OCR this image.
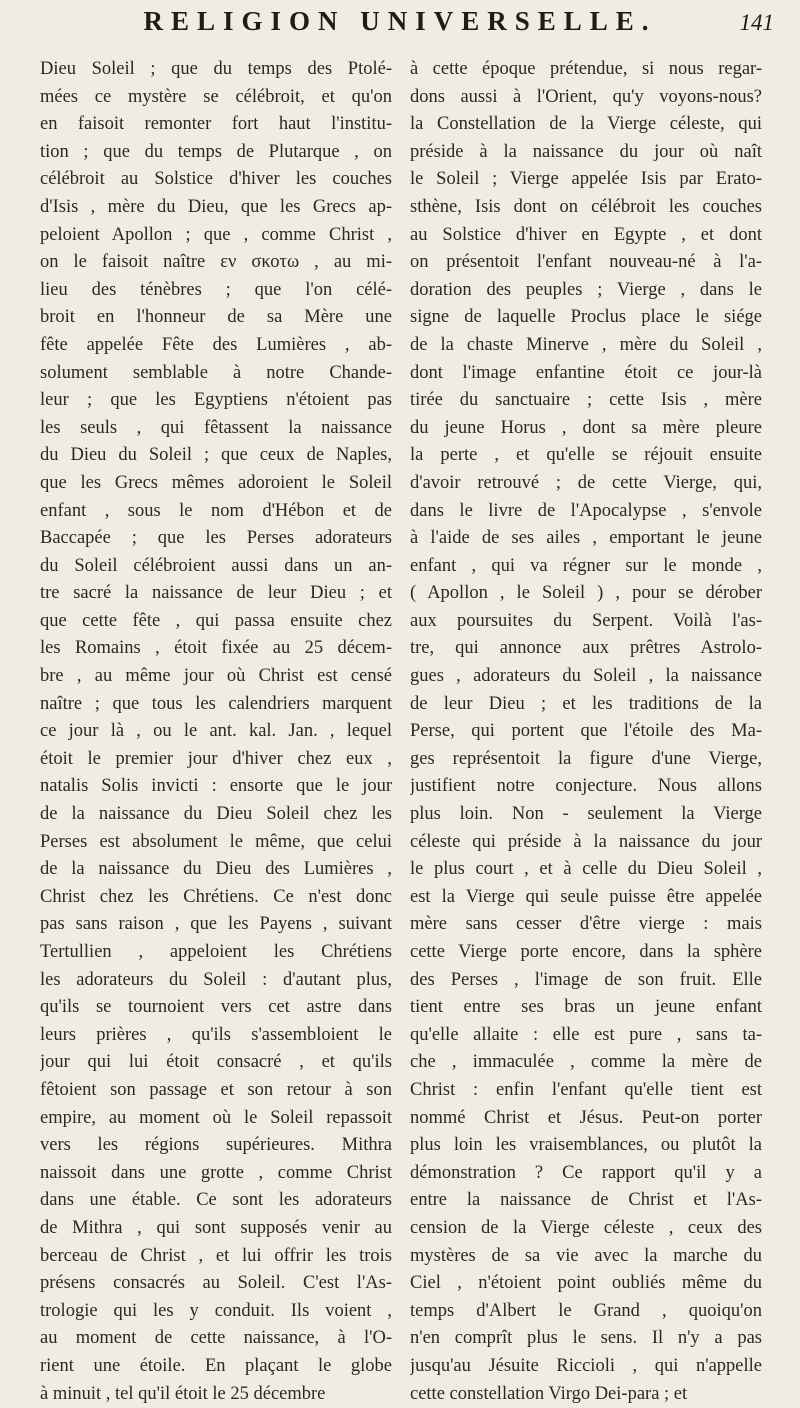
RELIGION UNIVERSELLE.	141
Dieu Soleil ; que du temps des Ptolé-
mées ce mystère se célébroit, et qu'on
en faisoit remonter fort haut l'institu-
tion ; que du temps de Plutarque , on
célébroit au Solstice d'hiver les couches
d'Isis , mère du Dieu, que les Grecs ap-
peloient Apollon ; que , comme Christ ,
on le faisoit naître εν σκοτω , au mi-
lieu des ténèbres ; que l'on célé-
broit en l'honneur de sa Mère une
fête appelée Fête des Lumières , ab-
solument semblable à notre Chande-
leur ; que les Egyptiens n'étoient pas
les seuls , qui fêtassent la naissance
du Dieu du Soleil ; que ceux de Naples,
que les Grecs mêmes adoroient le Soleil
enfant , sous le nom d'Hébon et de
Baccapée ; que les Perses adorateurs
du Soleil célébroient aussi dans un an-
tre sacré la naissance de leur Dieu ; et
que cette fête , qui passa ensuite chez
les Romains , étoit fixée au 25 décem-
bre , au même jour où Christ est censé
naître ; que tous les calendriers marquent
ce jour là , ou le ant. kal. Jan. , lequel
étoit le premier jour d'hiver chez eux ,
natalis Solis invicti : ensorte que le jour
de la naissance du Dieu Soleil chez les
Perses est absolument le même, que celui
de la naissance du Dieu des Lumières ,
Christ chez les Chrétiens. Ce n'est donc
pas sans raison , que les Payens , suivant
Tertullien , appeloient les Chrétiens
les adorateurs du Soleil : d'autant plus,
qu'ils se tournoient vers cet astre dans
leurs prières , qu'ils s'assembloient le
jour qui lui étoit consacré , et qu'ils
fêtoient son passage et son retour à son
empire, au moment où le Soleil repassoit
vers les régions supérieures. Mithra
naissoit dans une grotte , comme Christ
dans une étable. Ce sont les adorateurs
de Mithra , qui sont supposés venir au
berceau de Christ , et lui offrir les trois
présens consacrés au Soleil. C'est l'As-
trologie qui les y conduit. Ils voient ,
au moment de cette naissance, à l'O-
rient une étoile. En plaçant le globe
à minuit , tel qu'il étoit le 25 décembre
à cette époque prétendue, si nous regar-
dons aussi à l'Orient, qu'y voyons-nous?
la Constellation de la Vierge céleste, qui
préside à la naissance du jour où naît
le Soleil ; Vierge appelée Isis par Erato-
sthène, Isis dont on célébroit les couches
au Solstice d'hiver en Egypte , et dont
on présentoit l'enfant nouveau-né à l'a-
doration des peuples ; Vierge , dans le
signe de laquelle Proclus place le siége
de la chaste Minerve , mère du Soleil ,
dont l'image enfantine étoit ce jour-là
tirée du sanctuaire ; cette Isis , mère
du jeune Horus , dont sa mère pleure
la perte , et qu'elle se réjouit ensuite
d'avoir retrouvé ; de cette Vierge, qui,
dans le livre de l'Apocalypse , s'envole
à l'aide de ses ailes , emportant le jeune
enfant , qui va régner sur le monde ,
( Apollon , le Soleil ) , pour se dérober
aux poursuites du Serpent. Voilà l'as-
tre, qui annonce aux prêtres Astrolo-
gues , adorateurs du Soleil , la naissance
de leur Dieu ; et les traditions de la
Perse, qui portent que l'étoile des Ma-
ges représentoit la figure d'une Vierge,
justifient notre conjecture. Nous allons
plus loin. Non - seulement la Vierge
céleste qui préside à la naissance du jour
le plus court , et à celle du Dieu Soleil ,
est la Vierge qui seule puisse être appelée
mère sans cesser d'être vierge : mais
cette Vierge porte encore, dans la sphère
des Perses , l'image de son fruit. Elle
tient entre ses bras un jeune enfant
qu'elle allaite : elle est pure , sans ta-
che , immaculée , comme la mère de
Christ : enfin l'enfant qu'elle tient est
nommé Christ et Jésus. Peut-on porter
plus loin les vraisemblances, ou plutôt la
démonstration ? Ce rapport qu'il y a
entre la naissance de Christ et l'As-
cension de la Vierge céleste , ceux des
mystères de sa vie avec la marche du
Ciel , n'étoient point oubliés même du
temps d'Albert le Grand , quoiqu'on
n'en comprît plus le sens. Il n'y a pas
jusqu'au Jésuite Riccioli , qui n'appelle
cette constellation Virgo Dei-para ; et
